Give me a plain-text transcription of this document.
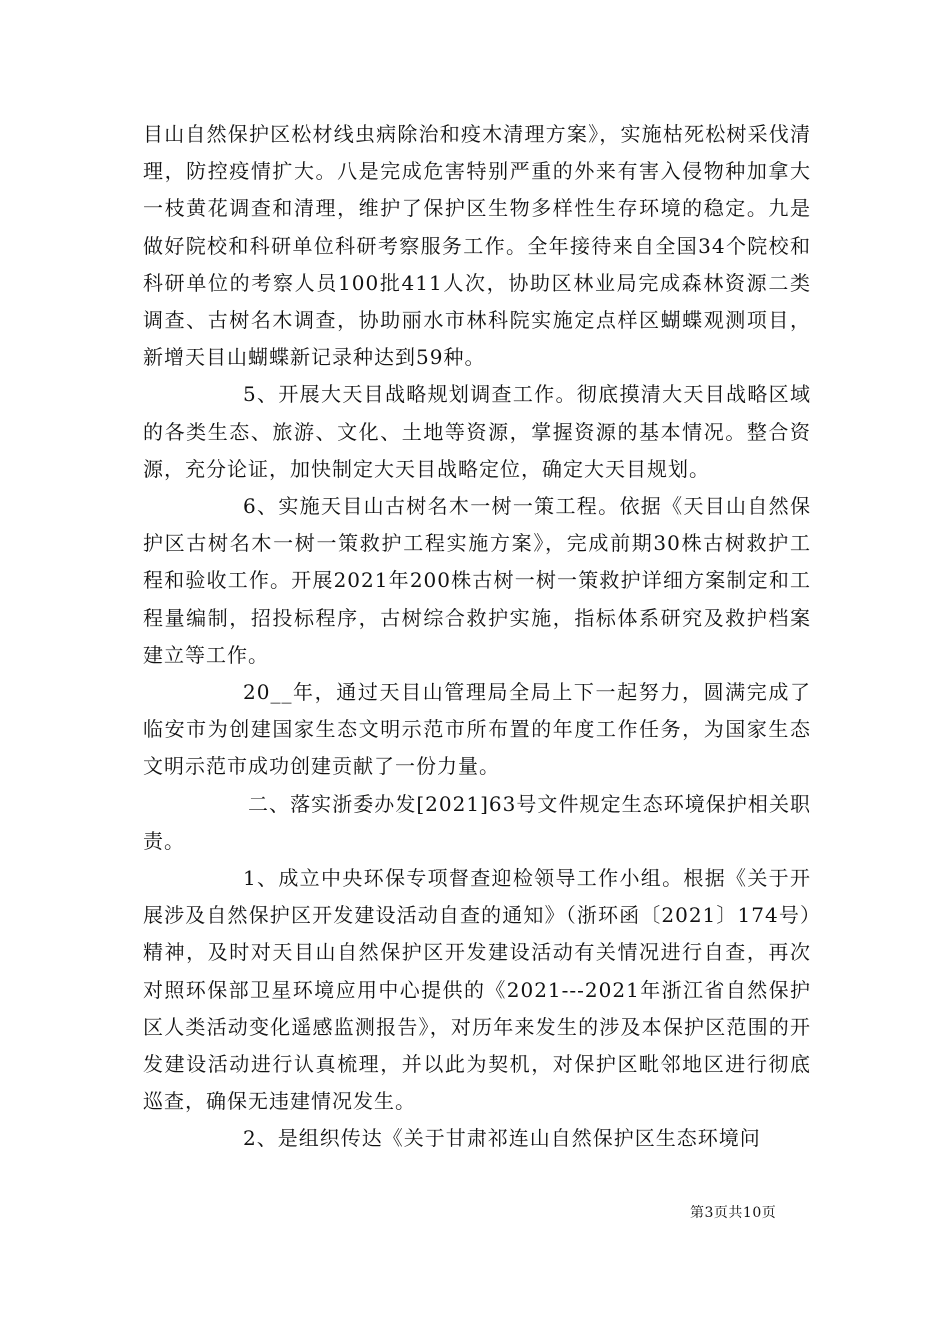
目山自然保护区松材线虫病除治和疫木清理方案》，实施枯死松树采伐清理，防控疫情扩大。八是完成危害特别严重的外来有害入侵物种加拿大一枝黄花调查和清理，维护了保护区生物多样性生存环境的稳定。九是做好院校和科研单位科研考察服务工作。全年接待来自全国34个院校和科研单位的考察人员100批411人次，协助区林业局完成森林资源二类调查、古树名木调查，协助丽水市林科院实施定点样区蝴蝶观测项目，新增天目山蝴蝶新记录种达到59种。

5、开展大天目战略规划调查工作。彻底摸清大天目战略区域的各类生态、旅游、文化、土地等资源，掌握资源的基本情况。整合资源，充分论证，加快制定大天目战略定位，确定大天目规划。

6、实施天目山古树名木一树一策工程。依据《天目山自然保护区古树名木一树一策救护工程实施方案》，完成前期30株古树救护工程和验收工作。开展2021年200株古树一树一策救护详细方案制定和工程量编制，招投标程序，古树综合救护实施，指标体系研究及救护档案建立等工作。

20__年，通过天目山管理局全局上下一起努力，圆满完成了临安市为创建国家生态文明示范市所布置的年度工作任务，为国家生态文明示范市成功创建贡献了一份力量。

二、落实浙委办发[2021]63号文件规定生态环境保护相关职责。

1、成立中央环保专项督查迎检领导工作小组。根据《关于开展涉及自然保护区开发建设活动自查的通知》（浙环函〔2021〕174号）精神，及时对天目山自然保护区开发建设活动有关情况进行自查，再次对照环保部卫星环境应用中心提供的《2021---2021年浙江省自然保护区人类活动变化遥感监测报告》，对历年来发生的涉及本保护区范围的开发建设活动进行认真梳理，并以此为契机，对保护区毗邻地区进行彻底巡查，确保无违建情况发生。

2、是组织传达《关于甘肃祁连山自然保护区生态环境问

第3页共10页
